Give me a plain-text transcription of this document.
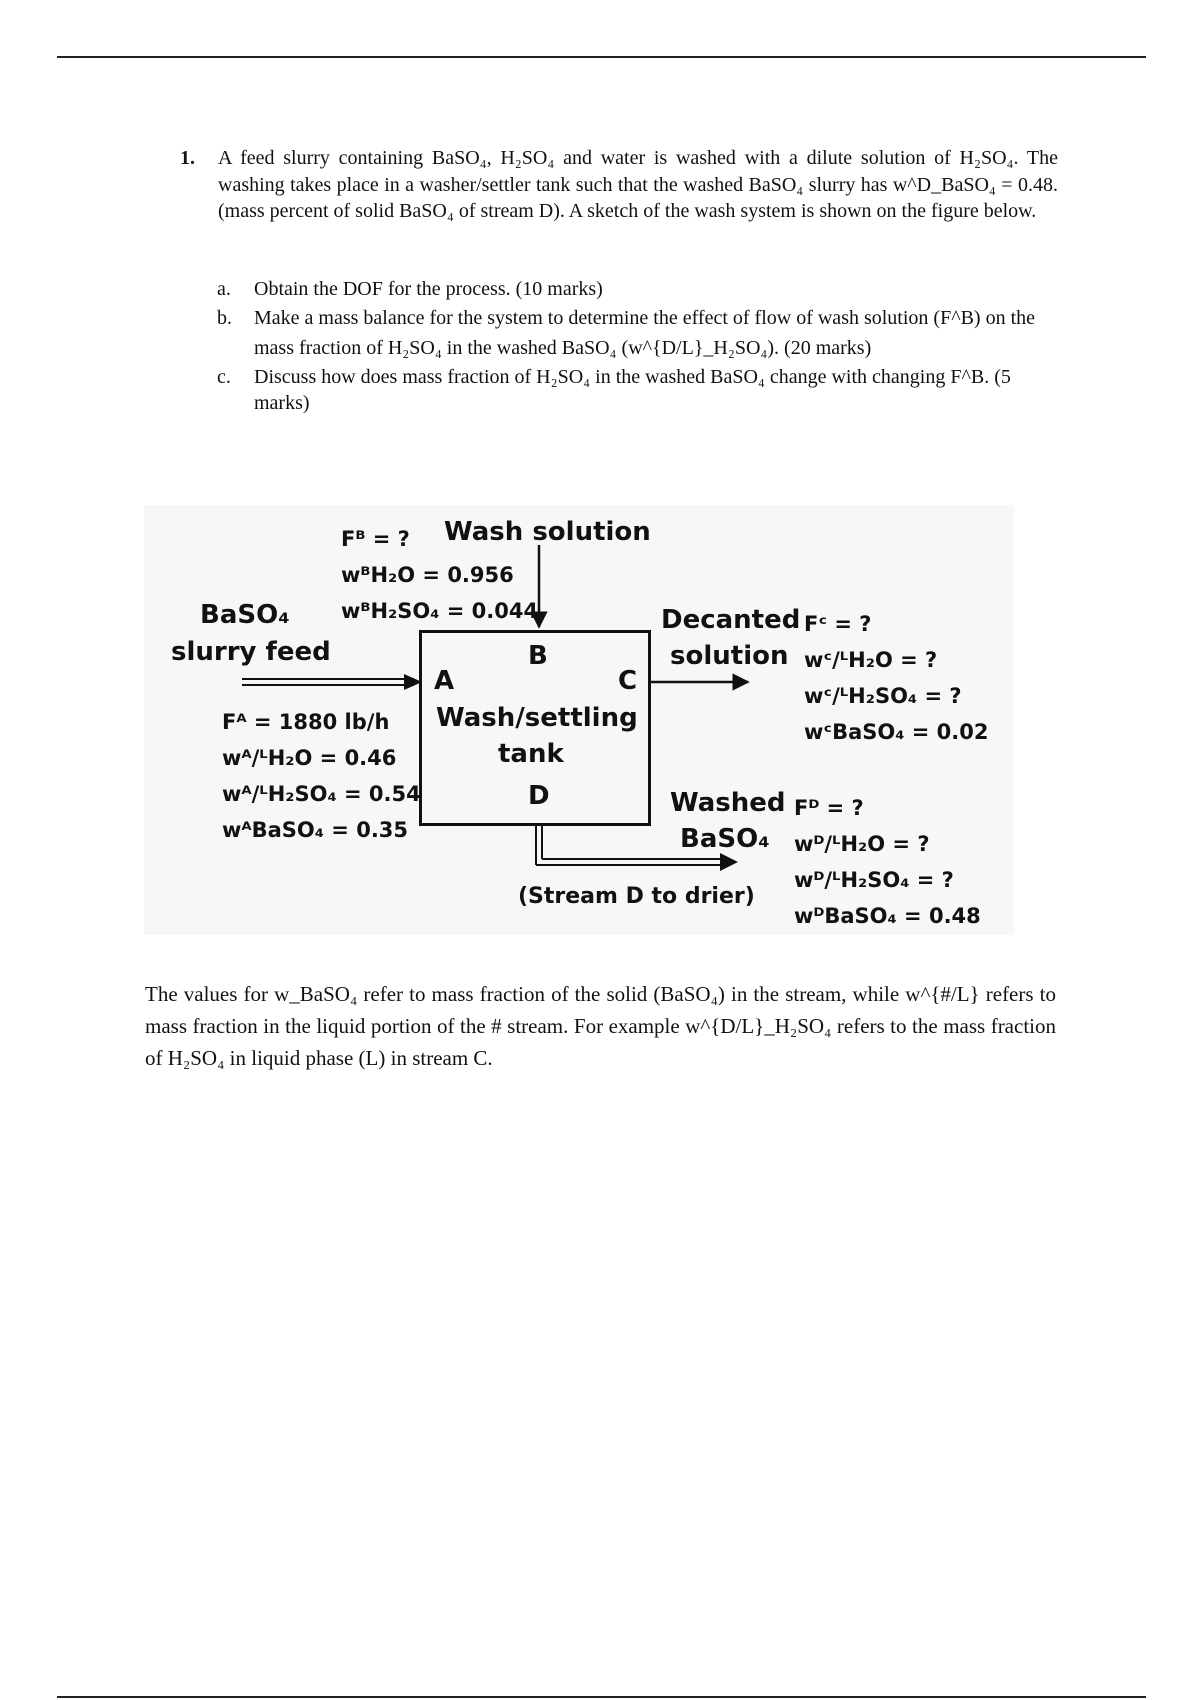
1. A feed slurry containing BaSO₄, H₂SO₄ and water is washed with a dilute solution of H₂SO₄. The washing takes place in a washer/settler tank such that the washed BaSO₄ slurry has w^D_BaSO₄ = 0.48. (mass percent of solid BaSO₄ of stream D). A sketch of the wash system is shown on the figure below.
a. Obtain the DOF for the process. (10 marks)
b. Make a mass balance for the system to determine the effect of flow of wash solution (F^B) on the mass fraction of H₂SO₄ in the washed BaSO₄ (w^{D/L}_H₂SO₄). (20 marks)
c. Discuss how does mass fraction of H₂SO₄ in the washed BaSO₄ change with changing F^B. (5 marks)
BaSO₄
slurry feed
Fᴬ = 1880 lb/h
wᴬ/ᴸH₂O = 0.46
wᴬ/ᴸH₂SO₄ = 0.54
wᴬBaSO₄ = 0.35
Fᴮ = ? Wash solution
wᴮH₂O = 0.956
wᴮH₂SO₄ = 0.044
B
A	C
Wash/settling
tank
D
Decanted
solution
Fᶜ = ?
wᶜ/ᴸH₂O = ?
wᶜ/ᴸH₂SO₄ = ?
wᶜBaSO₄ = 0.02
Washed
BaSO₄
Fᴰ = ?
wᴰ/ᴸH₂O = ?
wᴰ/ᴸH₂SO₄ = ?
wᴰBaSO₄ = 0.48
(Stream D to drier)
The values for w_BaSO₄ refer to mass fraction of the solid (BaSO₄) in the stream, while w^{#/L} refers to mass fraction in the liquid portion of the # stream. For example w^{D/L}_H₂SO₄ refers to the mass fraction of H₂SO₄ in liquid phase (L) in stream C.
